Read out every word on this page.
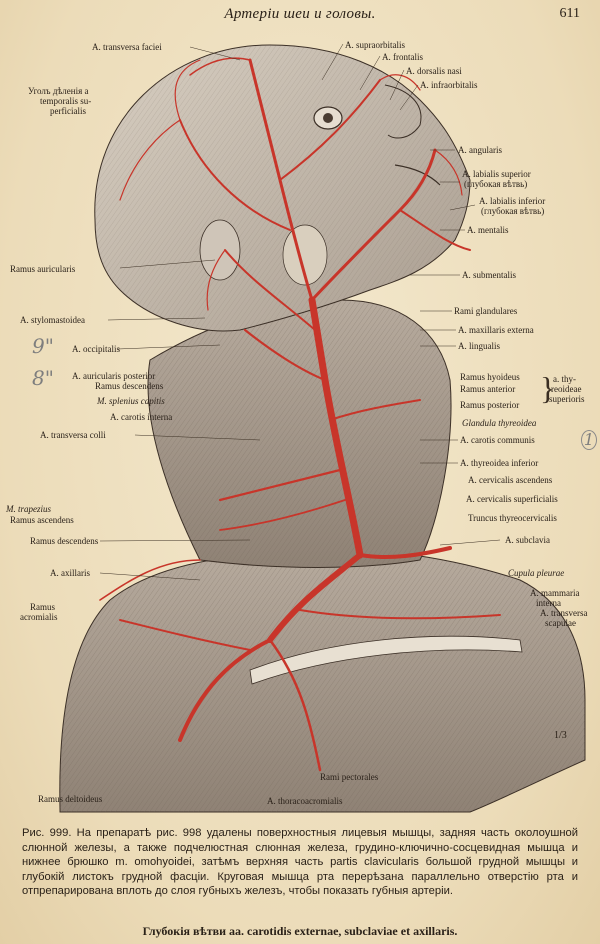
Артерiи шеи и головы.	611
A. supraorbitalis
A. frontalis
A. dorsalis nasi
A. infraorbitalis
A. angularis
A. labialis superior
(глубокая вѣтвь)
A. labialis inferior
(глубокая вѣтвь)
A. mentalis
A. submentalis
Rami glandulares
A. maxillaris externa
A. lingualis
Ramus hyoideus
Ramus anterior
Ramus posterior }
a. thy-
reoideae
superioris
Glandula thyreoidea
A. carotis communis
A. thyreoidea inferior
A. cervicalis ascendens
A. cervicalis superficialis
Truncus thyreocervicalis
A. subclavia
Cupula pleurae
A. mammaria
interna
A. transversa
scapulae
A. transversa faciei
Уголъ дѣленiя a
temporalis su-
perficialis
Ramus auricularis
A. stylomastoidea
A. occipitalis
A. auricularis posterior
Ramus descendens
M. splenius capitis
A. carotis interna
A. transversa colli
M. trapezius
Ramus ascendens
Ramus descendens
A. axillaris
Ramus
acromialis
Ramus deltoideus
Rami pectorales
A. thoracoacromialis
9"
8"
1
1/3
Рис. 999. На препаратѣ рис. 998 удалены поверхностныя лицевыя мышцы, задняя часть околоушной слюнной железы, а также подчелюстная слюнная железа, грудино-ключично-сосцевидная мышца и нижнее брюшко m. omohyoidei, затѣмъ верхняя часть partis clavicularis большой грудной мышцы и глубокiй листокъ грудной фасцiи. Круговая мышца рта перерѣзана параллельно отверстiю рта и отпрепарирована вплоть до слоя губныхъ железъ, чтобы показать губныя артерiи.
Глубокiя вѣтви аа. carotidis externae, subclaviae et axillaris.
